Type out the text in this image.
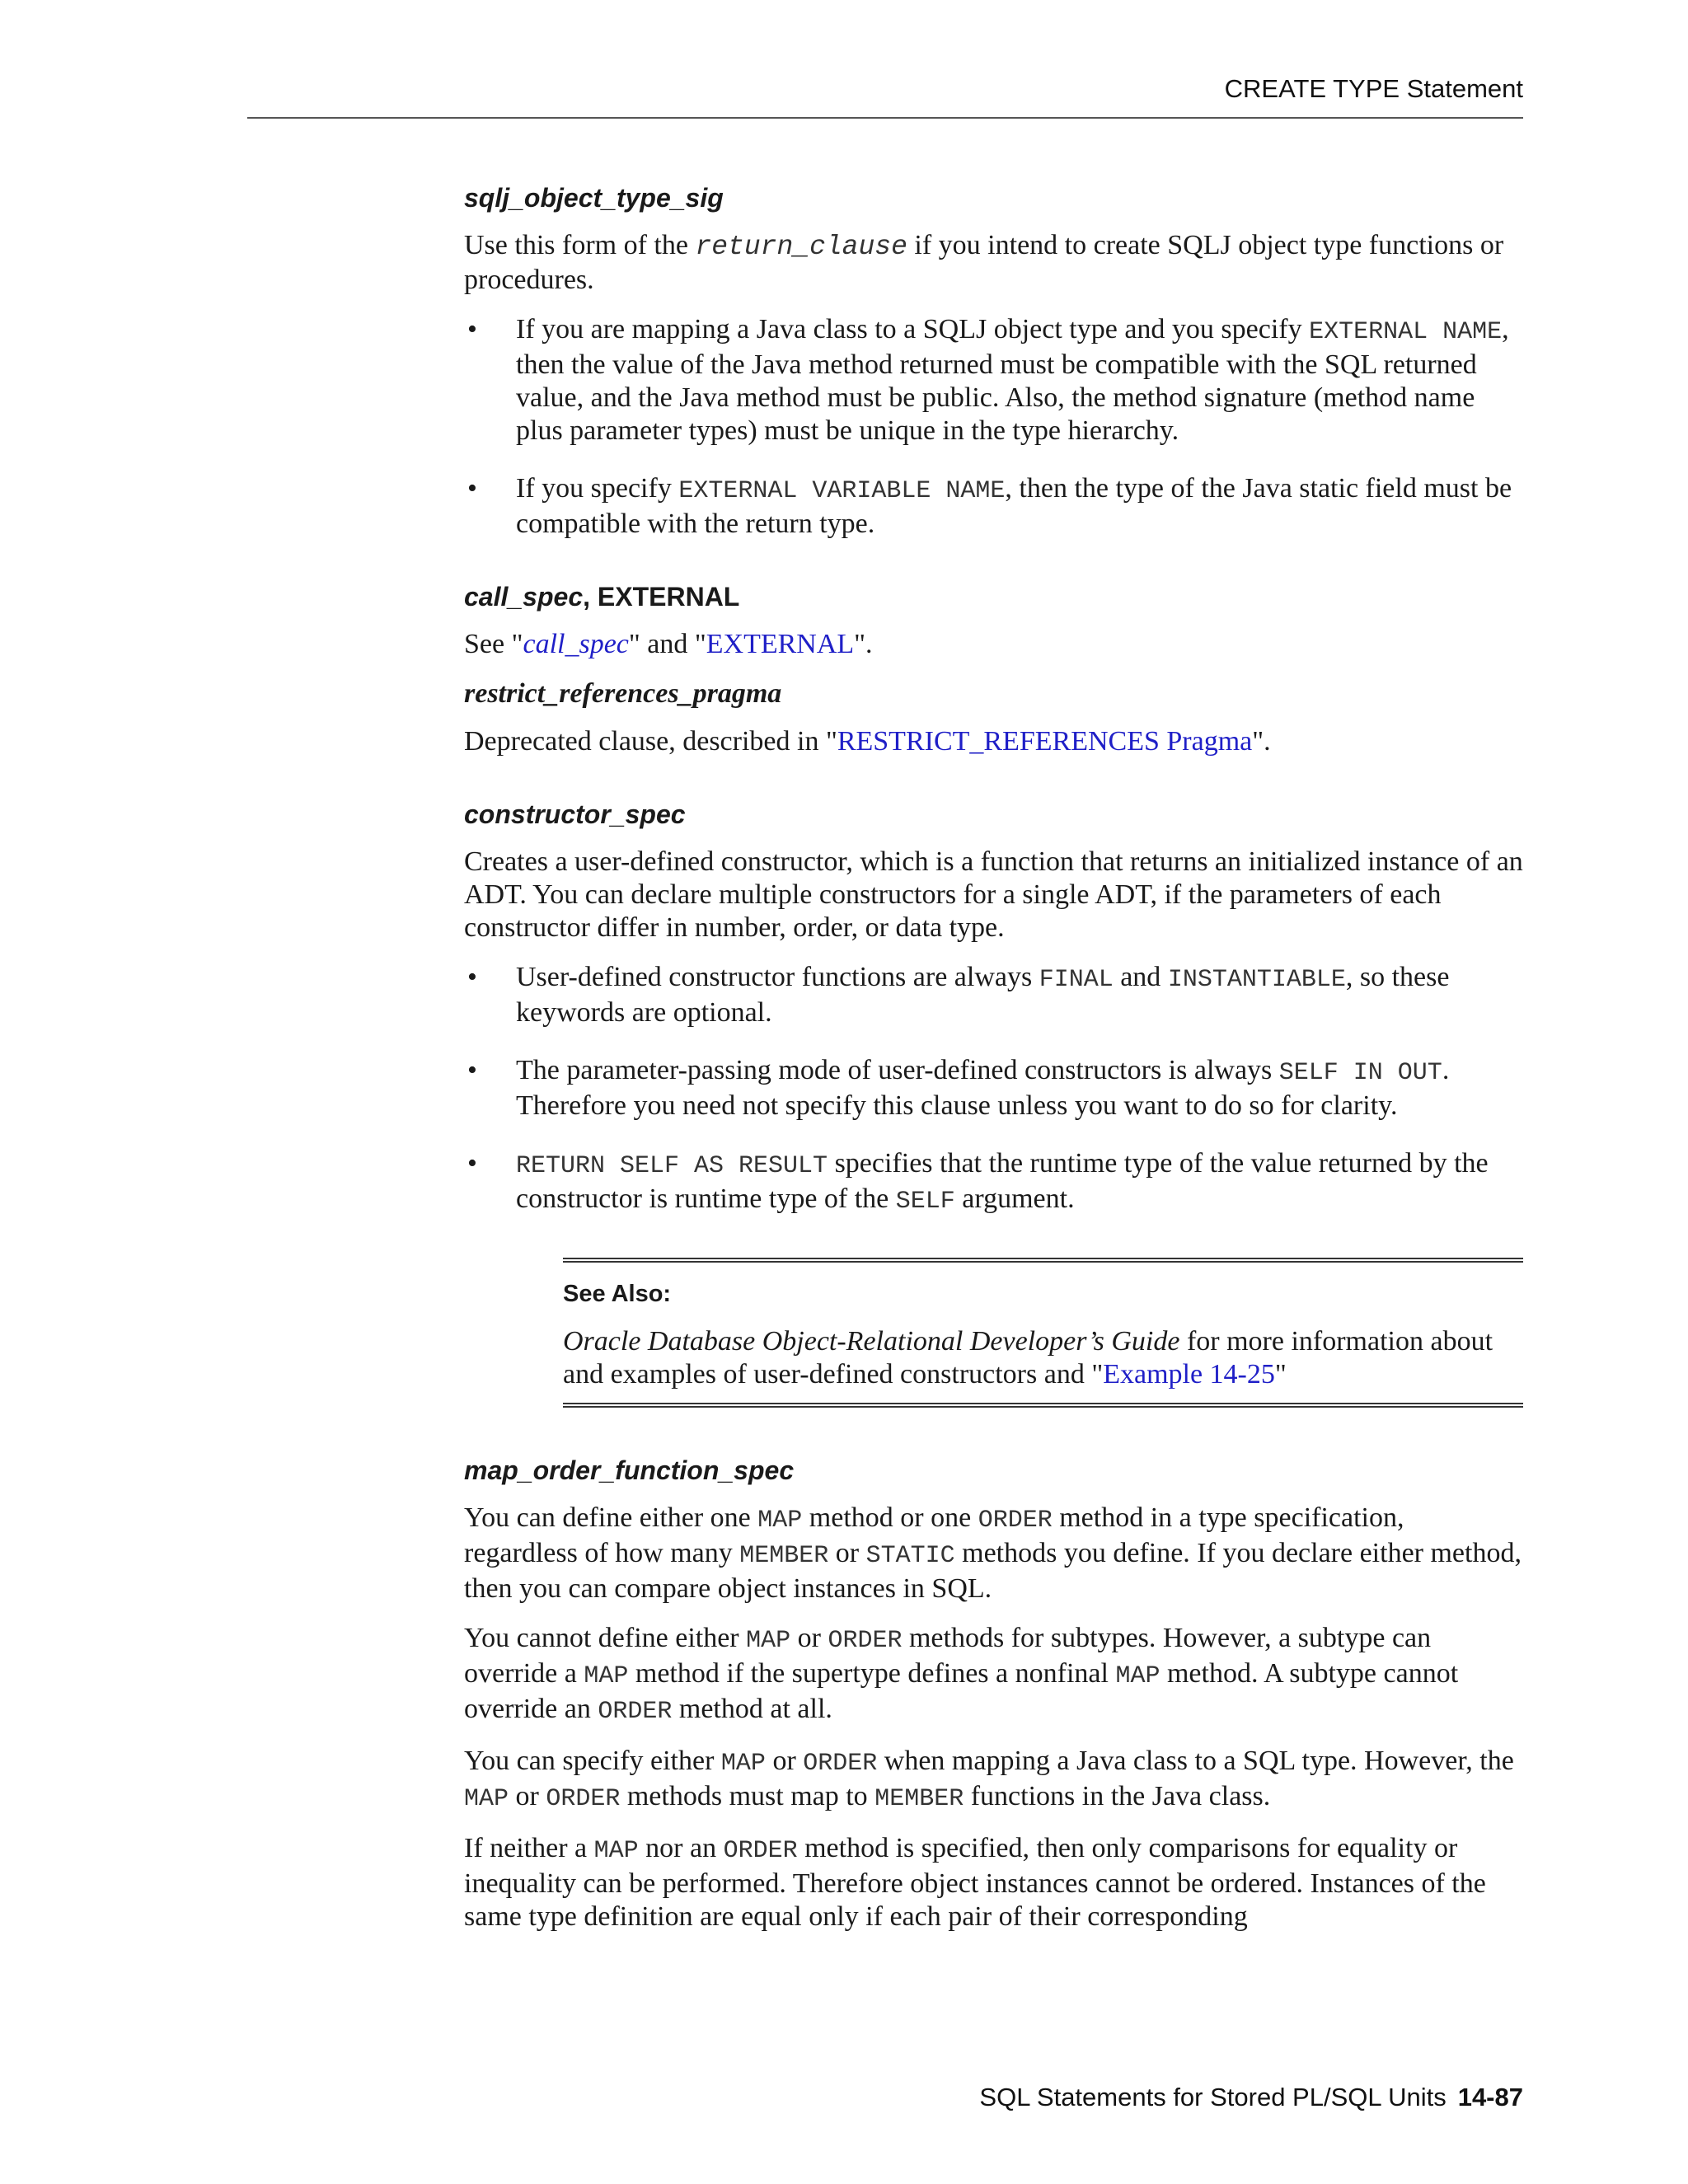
CREATE TYPE Statement
sqlj_object_type_sig

Use this form of the return_clause if you intend to create SQLJ object type functions or procedures.

• If you are mapping a Java class to a SQLJ object type and you specify EXTERNAL NAME, then the value of the Java method returned must be compatible with the SQL returned value, and the Java method must be public. Also, the method signature (method name plus parameter types) must be unique in the type hierarchy.
• If you specify EXTERNAL VARIABLE NAME, then the type of the Java static field must be compatible with the return type.
call_spec, EXTERNAL

See "call_spec" and "EXTERNAL".

restrict_references_pragma

Deprecated clause, described in "RESTRICT_REFERENCES Pragma".

constructor_spec

Creates a user-defined constructor, which is a function that returns an initialized instance of an ADT. You can declare multiple constructors for a single ADT, if the parameters of each constructor differ in number, order, or data type.

• User-defined constructor functions are always FINAL and INSTANTIABLE, so these keywords are optional.
• The parameter-passing mode of user-defined constructors is always SELF IN OUT. Therefore you need not specify this clause unless you want to do so for clarity.
• RETURN SELF AS RESULT specifies that the runtime type of the value returned by the constructor is runtime type of the SELF argument.
See Also:

Oracle Database Object-Relational Developer’s Guide for more information about and examples of user-defined constructors and "Example 14-25"

map_order_function_spec

You can define either one MAP method or one ORDER method in a type specification, regardless of how many MEMBER or STATIC methods you define. If you declare either method, then you can compare object instances in SQL.

You cannot define either MAP or ORDER methods for subtypes. However, a subtype can override a MAP method if the supertype defines a nonfinal MAP method. A subtype cannot override an ORDER method at all.

You can specify either MAP or ORDER when mapping a Java class to a SQL type. However, the MAP or ORDER methods must map to MEMBER functions in the Java class.

If neither a MAP nor an ORDER method is specified, then only comparisons for equality or inequality can be performed. Therefore object instances cannot be ordered. Instances of the same type definition are equal only if each pair of their corresponding

SQL Statements for Stored PL/SQL Units 14-87
